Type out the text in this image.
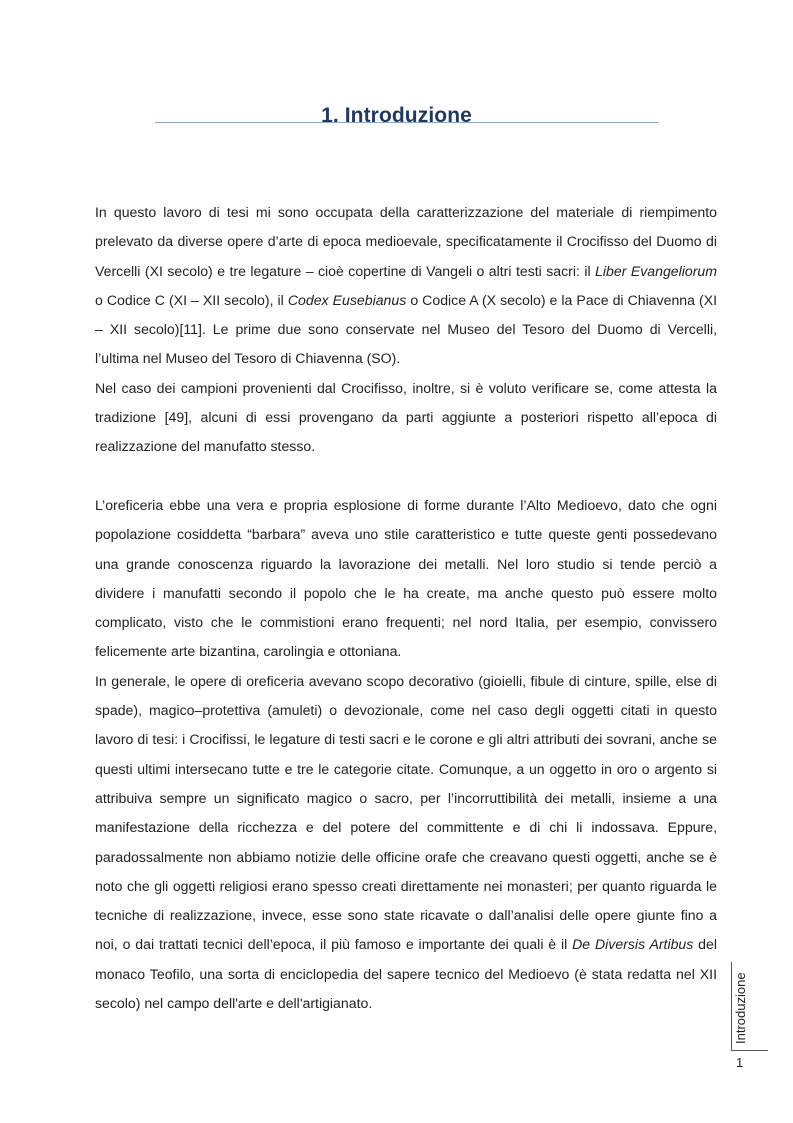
1. Introduzione

In questo lavoro di tesi mi sono occupata della caratterizzazione del materiale di riempimento prelevato da diverse opere d’arte di epoca medioevale, specificatamente il Crocifisso del Duomo di Vercelli (XI secolo) e tre legature – cioè copertine di Vangeli o altri testi sacri: il Liber Evangeliorum o Codice C (XI – XII secolo), il Codex Eusebianus o Codice A (X secolo) e la Pace di Chiavenna (XI – XII secolo)[11]. Le prime due sono conservate nel Museo del Tesoro del Duomo di Vercelli, l’ultima nel Museo del Tesoro di Chiavenna (SO).

Nel caso dei campioni provenienti dal Crocifisso, inoltre, si è voluto verificare se, come attesta la tradizione [49], alcuni di essi provengano da parti aggiunte a posteriori rispetto all’epoca di realizzazione del manufatto stesso.

L’oreficeria ebbe una vera e propria esplosione di forme durante l’Alto Medioevo, dato che ogni popolazione cosiddetta “barbara” aveva uno stile caratteristico e tutte queste genti possedevano una grande conoscenza riguardo la lavorazione dei metalli. Nel loro studio si tende perciò a dividere i manufatti secondo il popolo che le ha create, ma anche questo può essere molto complicato, visto che le commistioni erano frequenti; nel nord Italia, per esempio, convissero felicemente arte bizantina, carolingia e ottoniana.

In generale, le opere di oreficeria avevano scopo decorativo (gioielli, fibule di cinture, spille, else di spade), magico–protettiva (amuleti) o devozionale, come nel caso degli oggetti citati in questo lavoro di tesi: i Crocifissi, le legature di testi sacri e le corone e gli altri attributi dei sovrani, anche se questi ultimi intersecano tutte e tre le categorie citate. Comunque, a un oggetto in oro o argento si attribuiva sempre un significato magico o sacro, per l’incorruttibilità dei metalli, insieme a una manifestazione della ricchezza e del potere del committente e di chi li indossava. Eppure, paradossalmente non abbiamo notizie delle officine orafe che creavano questi oggetti, anche se è noto che gli oggetti religiosi erano spesso creati direttamente nei monasteri; per quanto riguarda le tecniche di realizzazione, invece, esse sono state ricavate o dall’analisi delle opere giunte fino a noi, o dai trattati tecnici dell’epoca, il più famoso e importante dei quali è il De Diversis Artibus del monaco Teofilo, una sorta di enciclopedia del sapere tecnico del Medioevo (è stata redatta nel XII secolo) nel campo dell'arte e dell'artigianato.	Introduzione
1
